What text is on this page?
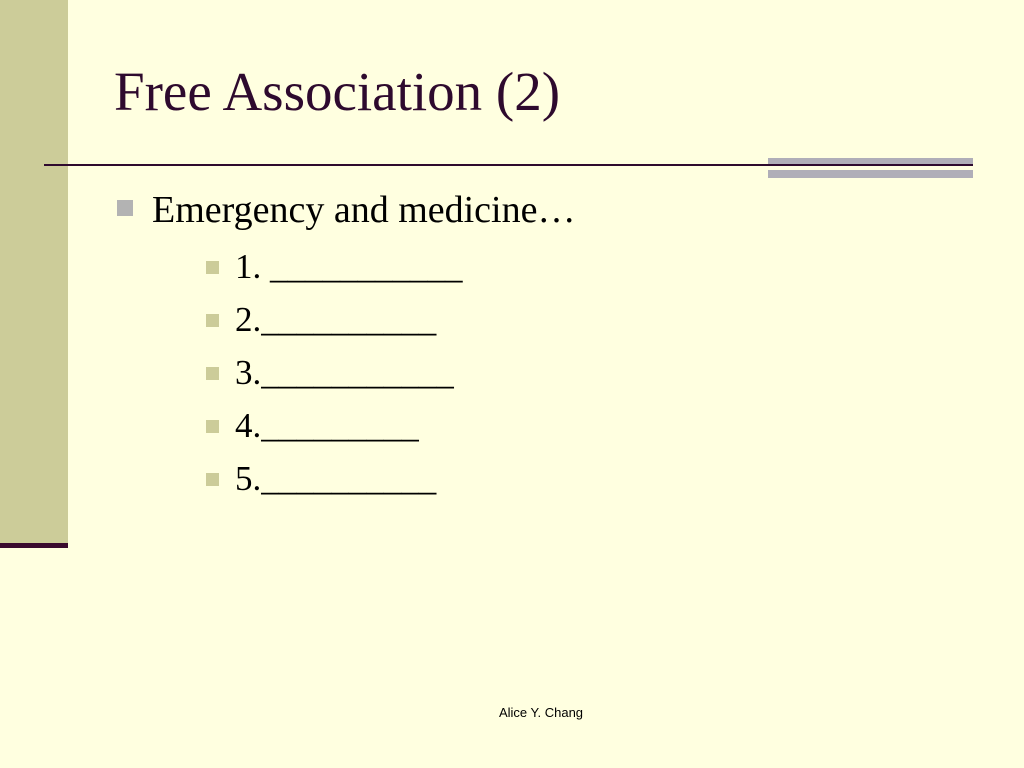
Free Association (2)
Emergency and medicine…
1. ___________
2.__________
3.___________
4._________
5.__________
Alice Y. Chang
